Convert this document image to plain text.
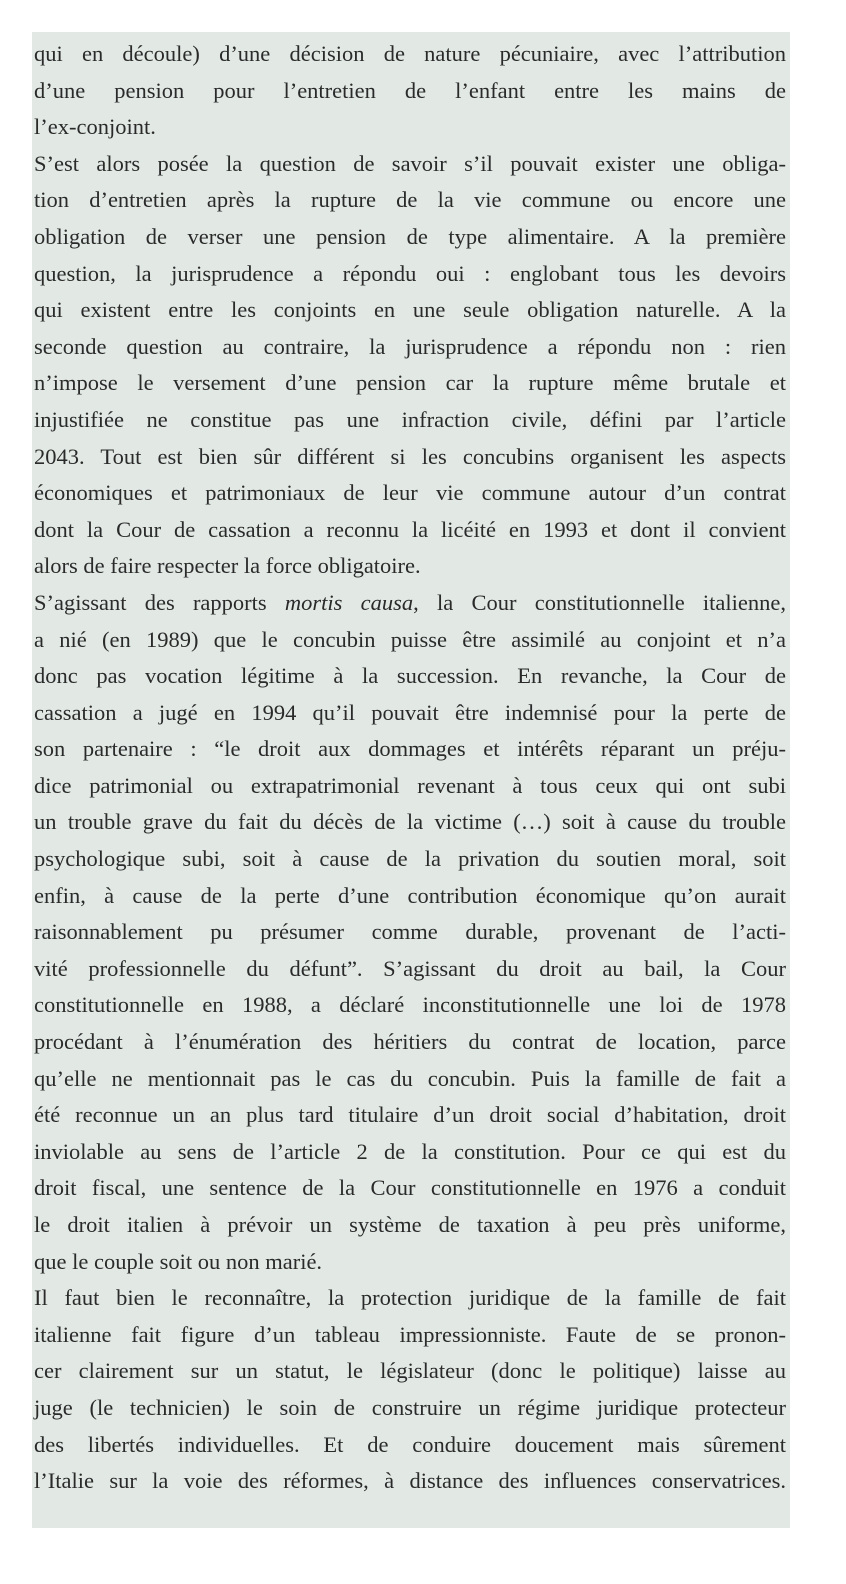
qui en découle) d’une décision de nature pécuniaire, avec l’attribution
d’une pension pour l’entretien de l’enfant entre les mains de
l’ex-conjoint.
S’est alors posée la question de savoir s’il pouvait exister une obliga-
tion d’entretien après la rupture de la vie commune ou encore une
obligation de verser une pension de type alimentaire. A la première
question, la jurisprudence a répondu oui : englobant tous les devoirs
qui existent entre les conjoints en une seule obligation naturelle. A la
seconde question au contraire, la jurisprudence a répondu non : rien
n’impose le versement d’une pension car la rupture même brutale et
injustifiée ne constitue pas une infraction civile, défini par l’article
2043. Tout est bien sûr différent si les concubins organisent les aspects
économiques et patrimoniaux de leur vie commune autour d’un contrat
dont la Cour de cassation a reconnu la licéité en 1993 et dont il convient
alors de faire respecter la force obligatoire.
S’agissant des rapports mortis causa, la Cour constitutionnelle italienne,
a nié (en 1989) que le concubin puisse être assimilé au conjoint et n’a
donc pas vocation légitime à la succession. En revanche, la Cour de
cassation a jugé en 1994 qu’il pouvait être indemnisé pour la perte de
son partenaire : “le droit aux dommages et intérêts réparant un préju-
dice patrimonial ou extrapatrimonial revenant à tous ceux qui ont subi
un trouble grave du fait du décès de la victime (…) soit à cause du trouble
psychologique subi, soit à cause de la privation du soutien moral, soit
enfin, à cause de la perte d’une contribution économique qu’on aurait
raisonnablement pu présumer comme durable, provenant de l’acti-
vité professionnelle du défunt”. S’agissant du droit au bail, la Cour
constitutionnelle en 1988, a déclaré inconstitutionnelle une loi de 1978
procédant à l’énumération des héritiers du contrat de location, parce
qu’elle ne mentionnait pas le cas du concubin. Puis la famille de fait a
été reconnue un an plus tard titulaire d’un droit social d’habitation, droit
inviolable au sens de l’article 2 de la constitution. Pour ce qui est du
droit fiscal, une sentence de la Cour constitutionnelle en 1976 a conduit
le droit italien à prévoir un système de taxation à peu près uniforme,
que le couple soit ou non marié.
Il faut bien le reconnaître, la protection juridique de la famille de fait
italienne fait figure d’un tableau impressionniste. Faute de se pronon-
cer clairement sur un statut, le législateur (donc le politique) laisse au
juge (le technicien) le soin de construire un régime juridique protecteur
des libertés individuelles. Et de conduire doucement mais sûrement
l’Italie sur la voie des réformes, à distance des influences conservatrices.
